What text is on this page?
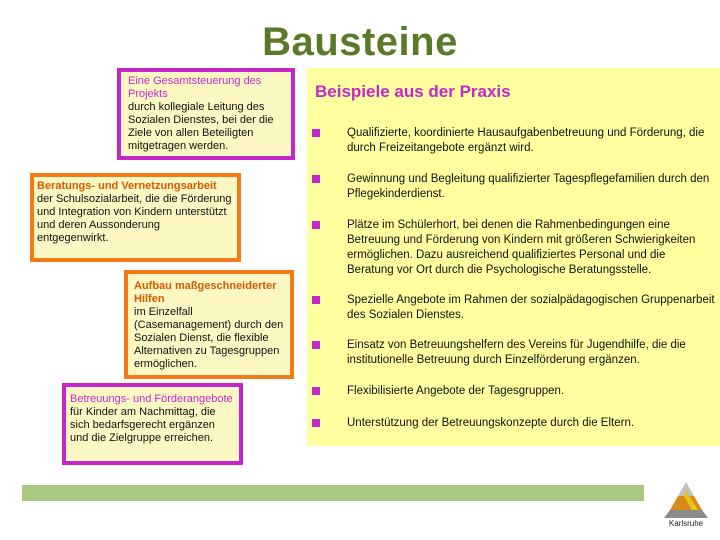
Bausteine
Eine Gesamtsteuerung des Projekts
durch kollegiale Leitung des Sozialen Dienstes, bei der die Ziele von allen Beteiligten mitgetragen werden.
Beratungs- und Vernetzungsarbeit
der Schulsozialarbeit, die die Förderung und Integration von Kindern unterstützt und deren Aussonderung entgegenwirkt.
Aufbau maßgeschneiderter Hilfen
im Einzelfall (Casemanagement) durch den Sozialen Dienst, die flexible Alternativen zu Tagesgruppen ermöglichen.
Betreuungs- und Förderangebote
für Kinder am Nachmittag, die sich bedarfsgerecht ergänzen und die Zielgruppe erreichen.
Beispiele aus der Praxis
Qualifizierte, koordinierte Hausaufgabenbetreuung und Förderung, die durch Freizeitangebote ergänzt wird.
Gewinnung und Begleitung qualifizierter Tagespflegefamilien durch den Pflegekinderdienst.
Plätze im Schülerhort, bei denen die Rahmenbedingungen eine Betreuung und Förderung von Kindern mit größeren Schwierigkeiten ermöglichen. Dazu ausreichend qualifiziertes Personal und die Beratung vor Ort durch die Psychologische Beratungsstelle.
Spezielle Angebote im Rahmen der sozialpädagogischen Gruppenarbeit des Sozialen Dienstes.
Einsatz von Betreuungshelfern des Vereins für Jugendhilfe, die die institutionelle Betreuung durch Einzelförderung ergänzen.
Flexibilisierte Angebote der Tagesgruppen.
Unterstützung der Betreuungskonzepte durch die Eltern.
Karlsruhe
